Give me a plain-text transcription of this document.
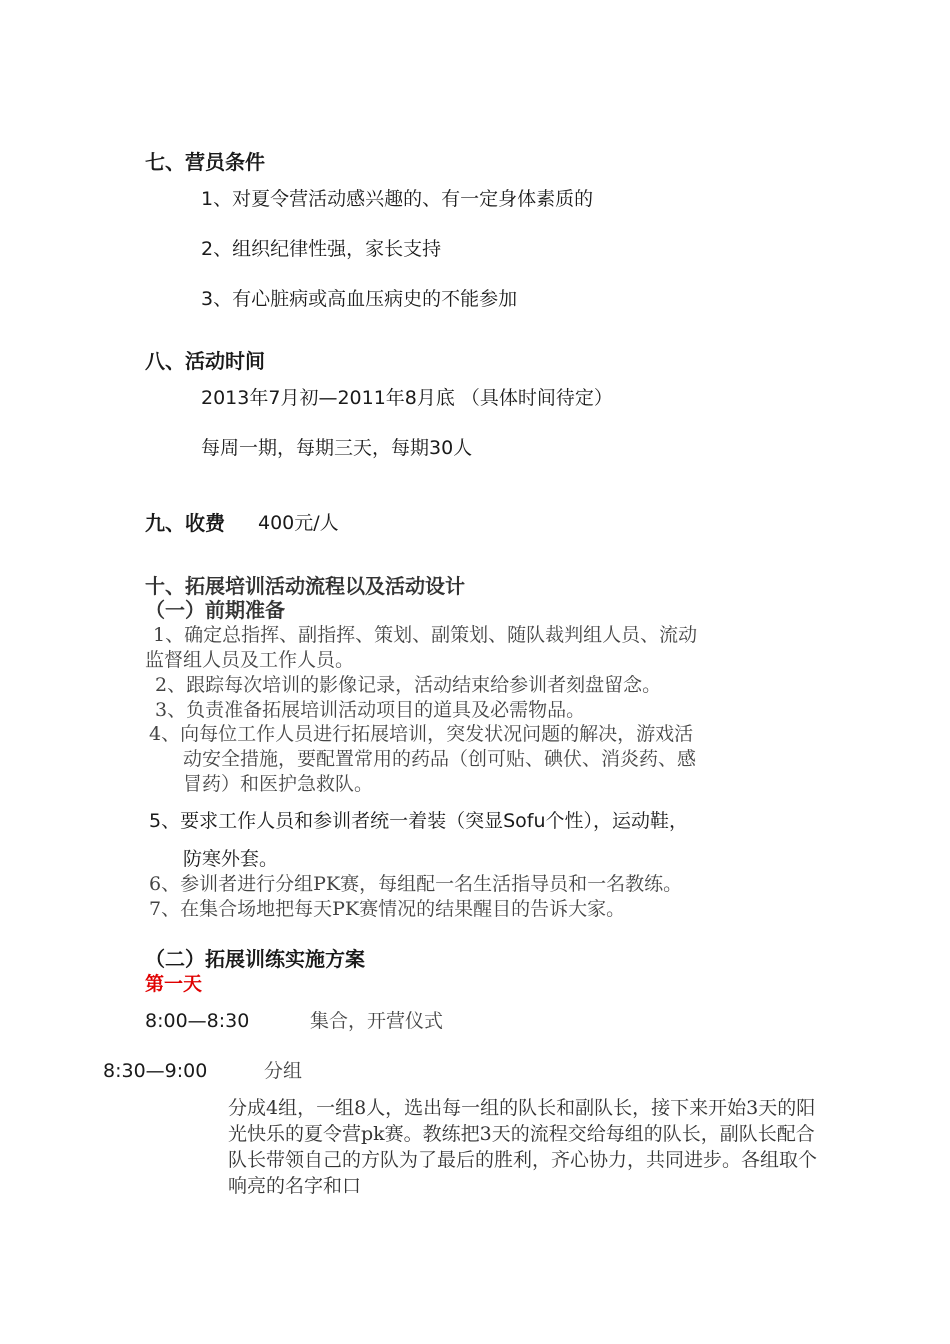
七、营员条件
1、对夏令营活动感兴趣的、有一定身体素质的
2、组织纪律性强，家长支持
3、有心脏病或高血压病史的不能参加
八、活动时间
2013年7月初—2011年8月底 （具体时间待定）
每周一期，每期三天，每期30人
九、收费 400元/人
十、拓展培训活动流程以及活动设计
（一）前期准备
1、确定总指挥、副指挥、策划、副策划、随队裁判组人员、流动
监督组人员及工作人员。
2、跟踪每次培训的影像记录，活动结束给参训者刻盘留念。
3、负责准备拓展培训活动项目的道具及必需物品。
4、向每位工作人员进行拓展培训，突发状况问题的解决，游戏活
动安全措施，要配置常用的药品（创可贴、碘伏、消炎药、感
冒药）和医护急救队。
5、要求工作人员和参训者统一着装（突显Sofu个性），运动鞋，
防寒外套。
6、参训者进行分组PK赛，每组配一名生活指导员和一名教练。
7、在集合场地把每天PK赛情况的结果醒目的告诉大家。
（二）拓展训练实施方案
第一天
8:00—8:30	集合，开营仪式
8:30—9:00	分组
分成4组，一组8人，选出每一组的队长和副队长，接下来开始3天的阳光快乐的夏令营pk赛。教练把3天的流程交给每组的队长，副队长配合队长带领自己的方队为了最后的胜利，齐心协力，共同进步。各组取个响亮的名字和口
